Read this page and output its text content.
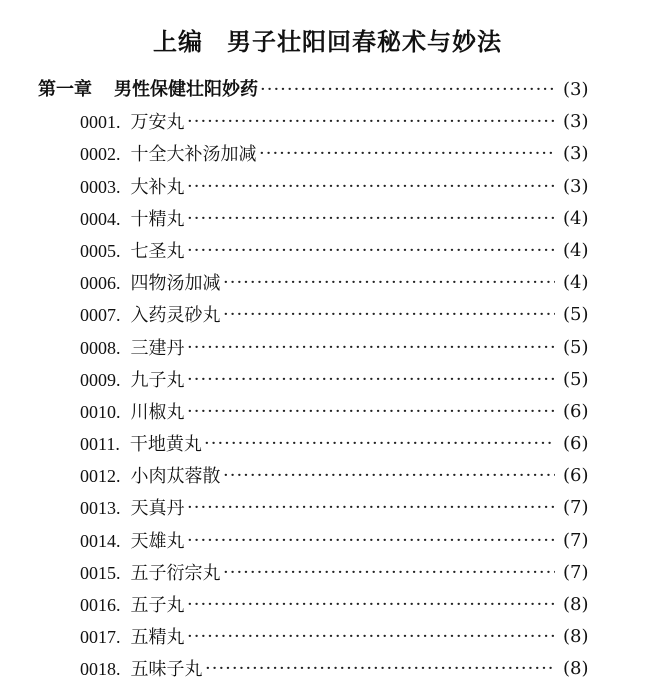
上编 男子壮阳回春秘术与妙法
第一章 男性保健壮阳妙药 ·····	(3)
0001. 万安丸 ·····	(3)
0002. 十全大补汤加减 ·····	(3)
0003. 大补丸 ·····	(3)
0004. 十精丸 ·····	(4)
0005. 七圣丸 ·····	(4)
0006. 四物汤加减 ·····	(4)
0007. 入药灵砂丸 ·····	(5)
0008. 三建丹 ·····	(5)
0009. 九子丸 ·····	(5)
0010. 川椒丸 ·····	(6)
0011. 干地黄丸 ·····	(6)
0012. 小肉苁蓉散 ·····	(6)
0013. 天真丹 ·····	(7)
0014. 天雄丸 ·····	(7)
0015. 五子衍宗丸 ·····	(7)
0016. 五子丸 ·····	(8)
0017. 五精丸 ·····	(8)
0018. 五味子丸 ·····	(8)
